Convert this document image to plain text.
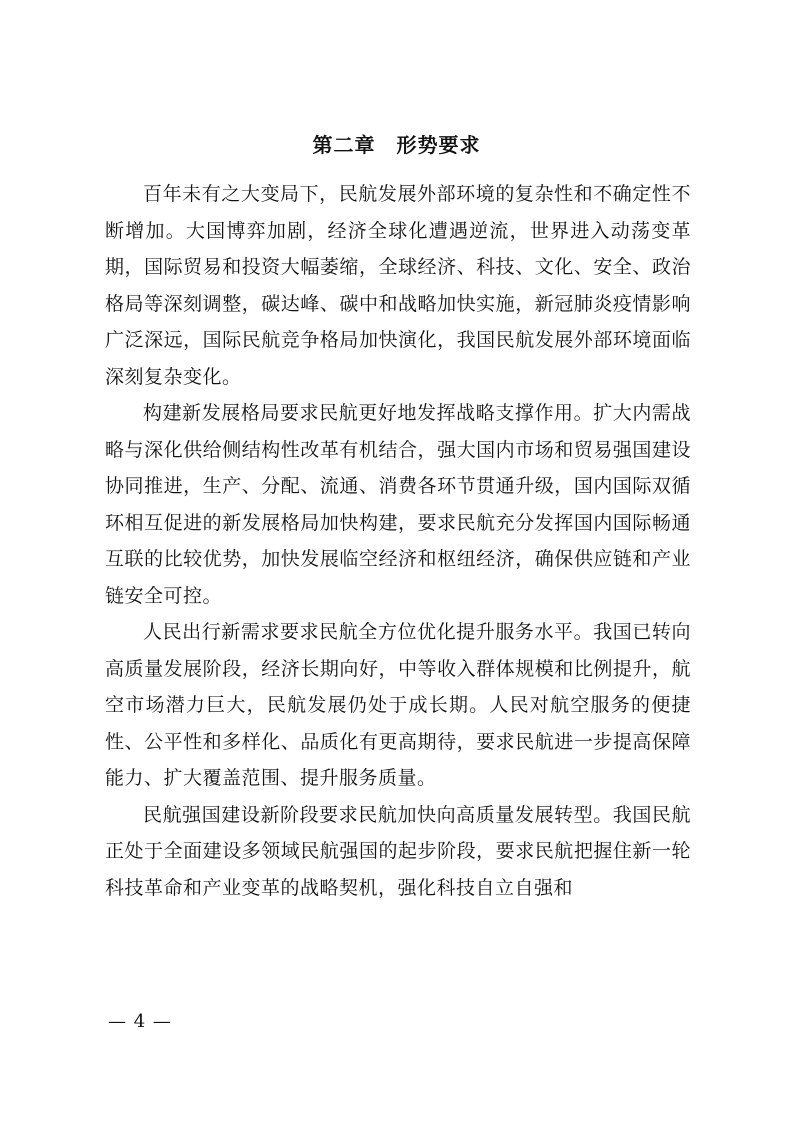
第二章　形势要求

百年未有之大变局下，民航发展外部环境的复杂性和不确定性不断增加。大国博弈加剧，经济全球化遭遇逆流，世界进入动荡变革期，国际贸易和投资大幅萎缩，全球经济、科技、文化、安全、政治格局等深刻调整，碳达峰、碳中和战略加快实施，新冠肺炎疫情影响广泛深远，国际民航竞争格局加快演化，我国民航发展外部环境面临深刻复杂变化。

构建新发展格局要求民航更好地发挥战略支撑作用。扩大内需战略与深化供给侧结构性改革有机结合，强大国内市场和贸易强国建设协同推进，生产、分配、流通、消费各环节贯通升级，国内国际双循环相互促进的新发展格局加快构建，要求民航充分发挥国内国际畅通互联的比较优势，加快发展临空经济和枢纽经济，确保供应链和产业链安全可控。

人民出行新需求要求民航全方位优化提升服务水平。我国已转向高质量发展阶段，经济长期向好，中等收入群体规模和比例提升，航空市场潜力巨大，民航发展仍处于成长期。人民对航空服务的便捷性、公平性和多样化、品质化有更高期待，要求民航进一步提高保障能力、扩大覆盖范围、提升服务质量。

民航强国建设新阶段要求民航加快向高质量发展转型。我国民航正处于全面建设多领域民航强国的起步阶段，要求民航把握住新一轮科技革命和产业变革的战略契机，强化科技自立自强和

— 4 —
